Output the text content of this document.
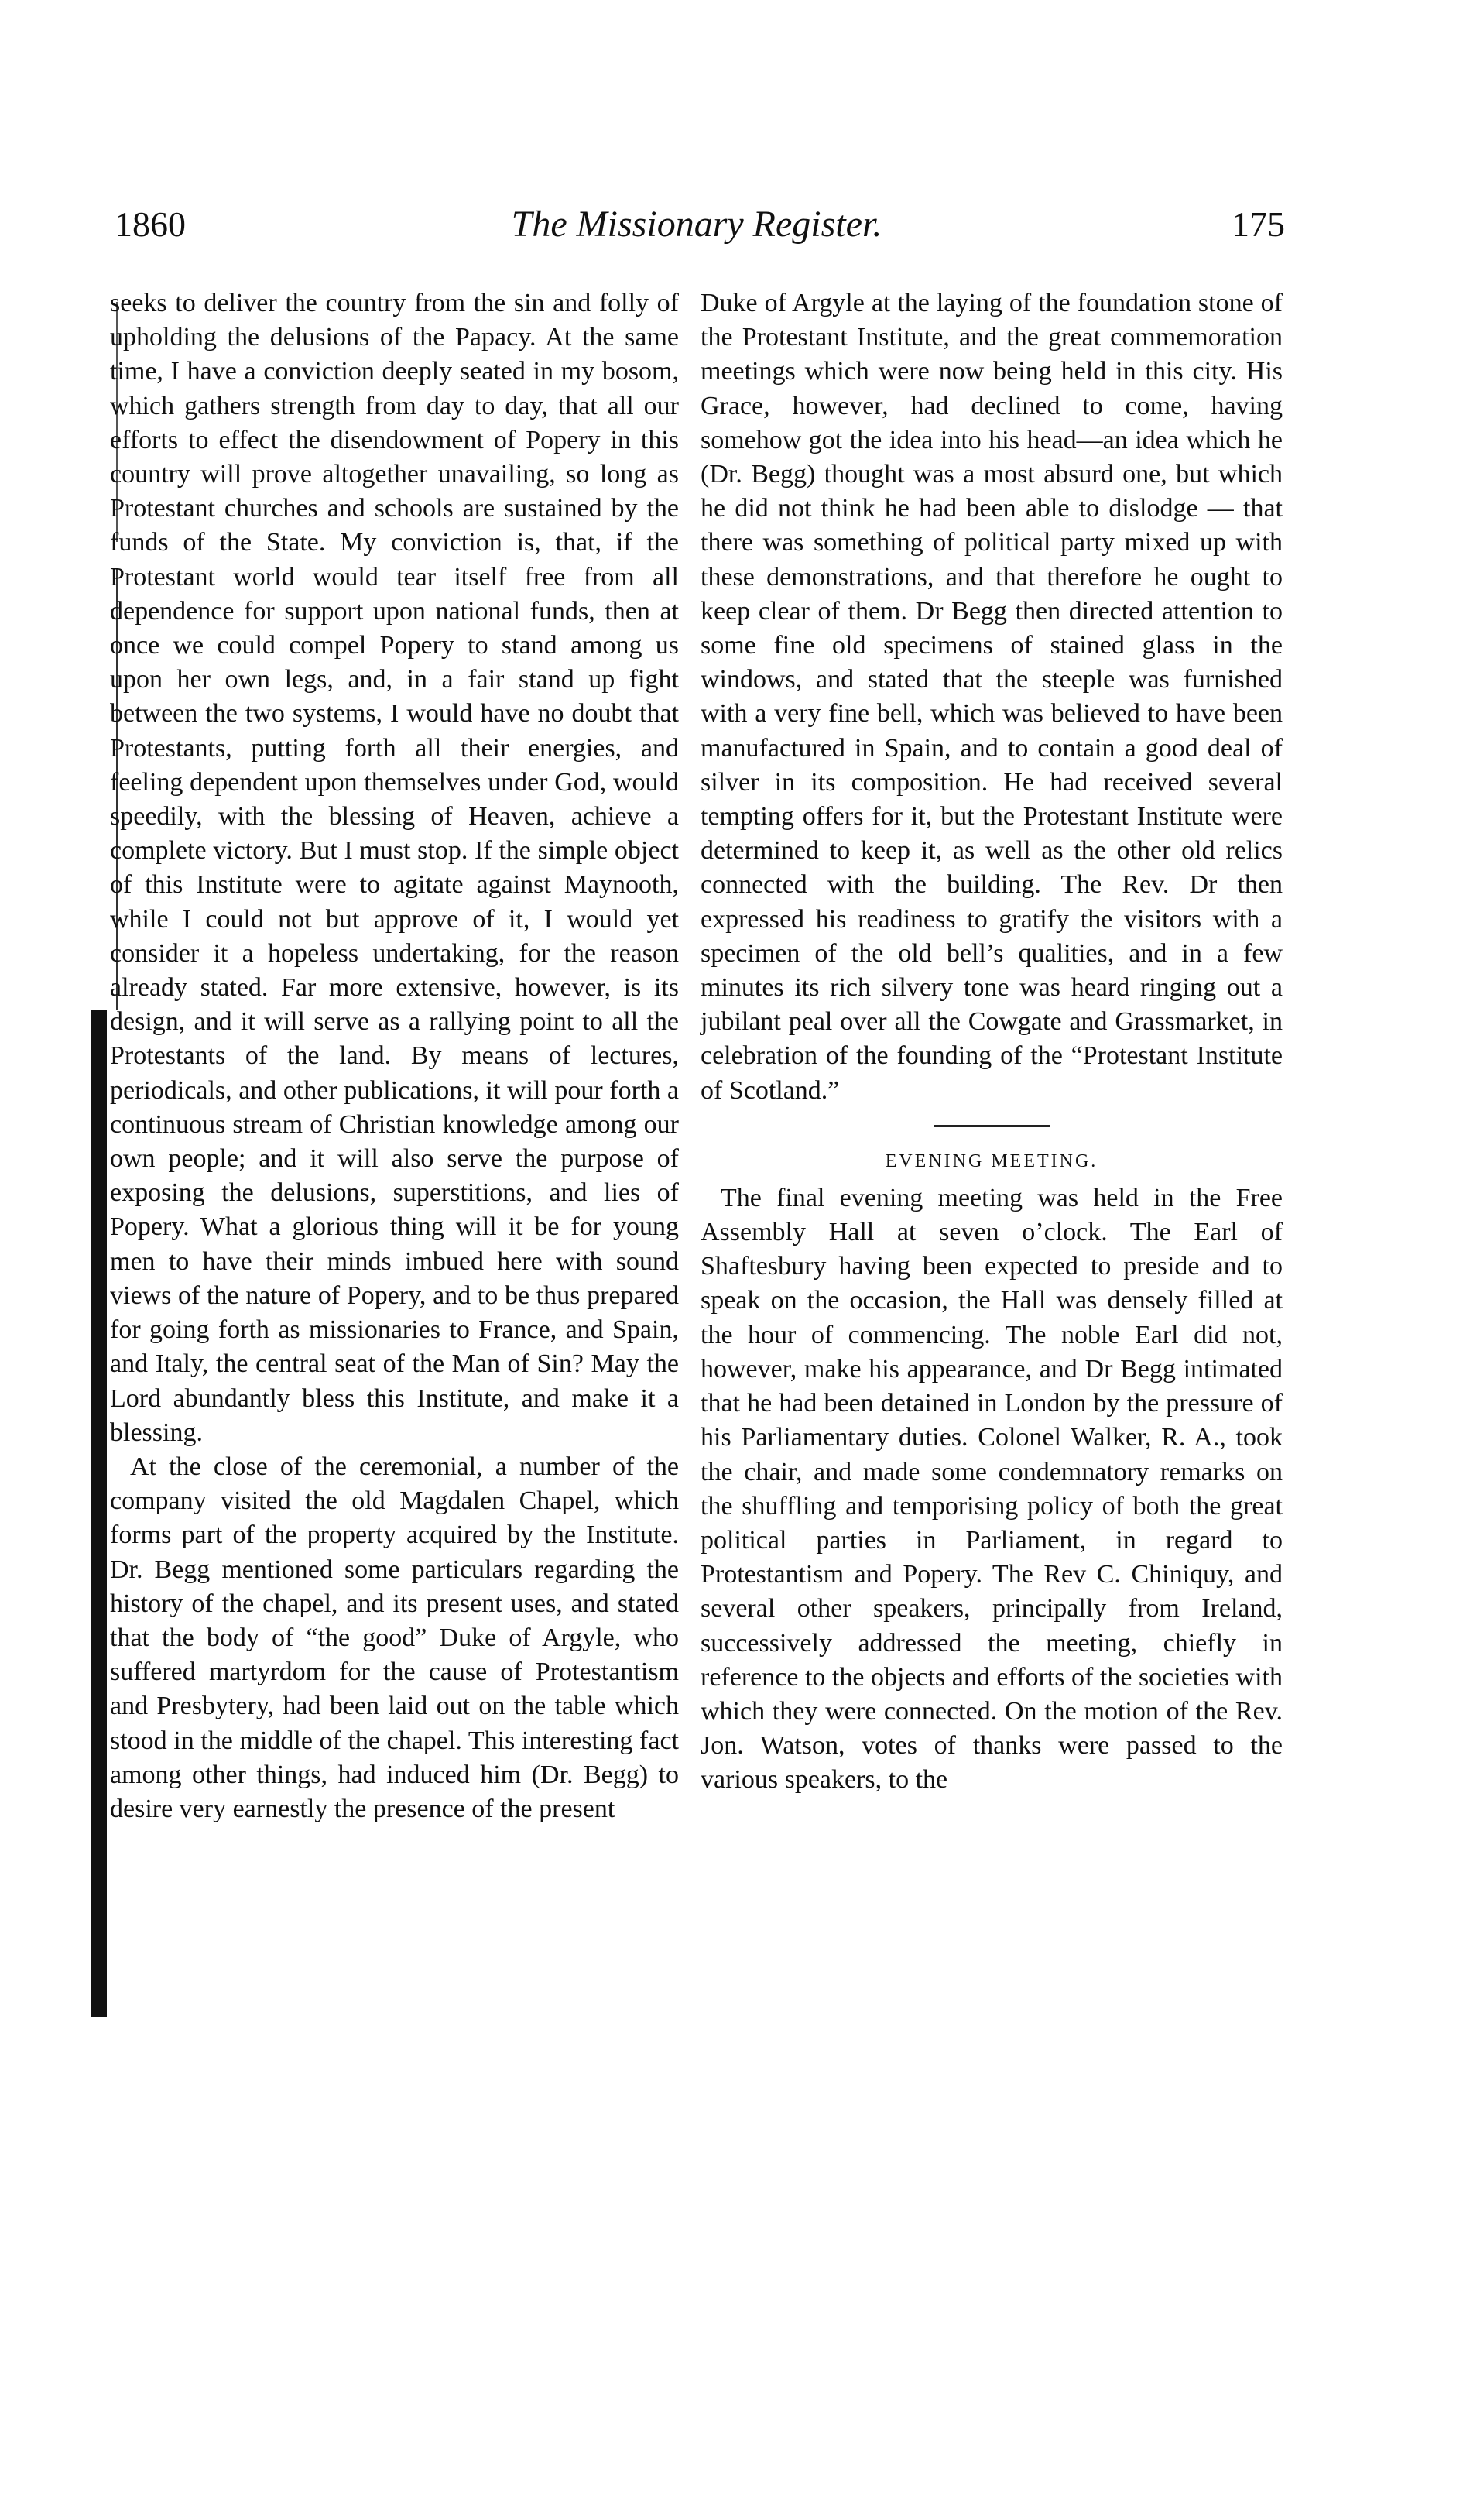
1860	The Missionary Register.	175

seeks to deliver the country from the sin and folly of upholding the delusions of the Papacy. At the same time, I have a conviction deeply seated in my bosom, which gathers strength from day to day, that all our efforts to effect the disendowment of Popery in this country will prove altogether unavailing, so long as Protestant churches and schools are sustained by the funds of the State. My conviction is, that, if the Protestant world would tear itself free from all dependence for support upon national funds, then at once we could compel Popery to stand among us upon her own legs, and, in a fair stand up fight between the two systems, I would have no doubt that Protestants, putting forth all their energies, and feeling dependent upon themselves under God, would speedily, with the blessing of Heaven, achieve a complete victory. But I must stop. If the simple object of this Institute were to agitate against Maynooth, while I could not but approve of it, I would yet consider it a hopeless undertaking, for the reason already stated. Far more extensive, however, is its design, and it will serve as a rallying point to all the Protestants of the land. By means of lectures, periodicals, and other publications, it will pour forth a continuous stream of Christian knowledge among our own people; and it will also serve the purpose of exposing the delusions, superstitions, and lies of Popery. What a glorious thing will it be for young men to have their minds imbued here with sound views of the nature of Popery, and to be thus prepared for going forth as missionaries to France, and Spain, and Italy, the central seat of the Man of Sin? May the Lord abundantly bless this Institute, and make it a blessing.

At the close of the ceremonial, a number of the company visited the old Magdalen Chapel, which forms part of the property acquired by the Institute. Dr. Begg mentioned some particulars regarding the history of the chapel, and its present uses, and stated that the body of “the good” Duke of Argyle, who suffered martyrdom for the cause of Protestantism and Presbytery, had been laid out on the table which stood in the middle of the chapel. This interesting fact among other things, had induced him (Dr. Begg) to desire very earnestly the presence of the present

Duke of Argyle at the laying of the foundation stone of the Protestant Institute, and the great commemoration meetings which were now being held in this city. His Grace, however, had declined to come, having somehow got the idea into his head—an idea which he (Dr. Begg) thought was a most absurd one, but which he did not think he had been able to dislodge — that there was something of political party mixed up with these demonstrations, and that therefore he ought to keep clear of them. Dr Begg then directed attention to some fine old specimens of stained glass in the windows, and stated that the steeple was furnished with a very fine bell, which was believed to have been manufactured in Spain, and to contain a good deal of silver in its composition. He had received several tempting offers for it, but the Protestant Institute were determined to keep it, as well as the other old relics connected with the building. The Rev. Dr then expressed his readiness to gratify the visitors with a specimen of the old bell’s qualities, and in a few minutes its rich silvery tone was heard ringing out a jubilant peal over all the Cowgate and Grassmarket, in celebration of the founding of the “Protestant Institute of Scotland.”

EVENING MEETING.

The final evening meeting was held in the Free Assembly Hall at seven o’clock. The Earl of Shaftesbury having been expected to preside and to speak on the occasion, the Hall was densely filled at the hour of commencing. The noble Earl did not, however, make his appearance, and Dr Begg intimated that he had been detained in London by the pressure of his Parliamentary duties. Colonel Walker, R. A., took the chair, and made some condemnatory remarks on the shuffling and temporising policy of both the great political parties in Parliament, in regard to Protestantism and Popery. The Rev C. Chiniquy, and several other speakers, principally from Ireland, successively addressed the meeting, chiefly in reference to the objects and efforts of the societies with which they were connected. On the motion of the Rev. Jon. Watson, votes of thanks were passed to the various speakers, to the
